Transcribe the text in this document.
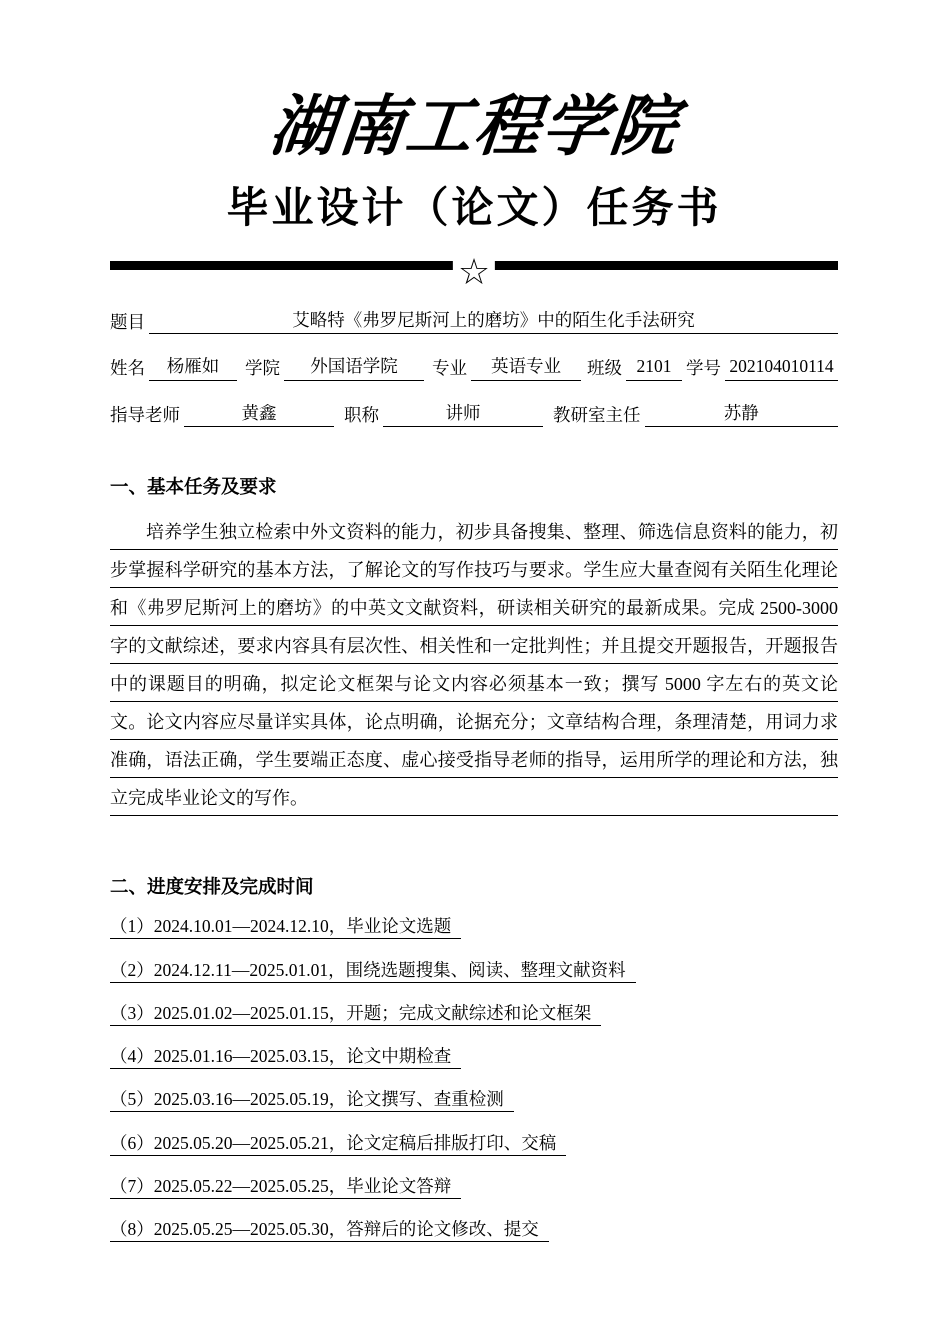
湖南工程学院
毕业设计（论文）任务书
☆
题目	艾略特《弗罗尼斯河上的磨坊》中的陌生化手法研究
姓名	杨雁如	学院	外国语学院	专业	英语专业	班级 2101 学号 202104010114
指导老师	黄鑫	职称	讲师	教研室主任	苏静
一、基本任务及要求
培养学生独立检索中外文资料的能力，初步具备搜集、整理、筛选信息资料的能力，初步掌握科学研究的基本方法，了解论文的写作技巧与要求。学生应大量查阅有关陌生化理论和《弗罗尼斯河上的磨坊》的中英文文献资料，研读相关研究的最新成果。完成 2500-3000 字的文献综述，要求内容具有层次性、相关性和一定批判性；并且提交开题报告，开题报告中的课题目的明确，拟定论文框架与论文内容必须基本一致；撰写 5000 字左右的英文论文。论文内容应尽量详实具体，论点明确，论据充分；文章结构合理，条理清楚，用词力求准确，语法正确，学生要端正态度、虚心接受指导老师的指导，运用所学的理论和方法，独立完成毕业论文的写作。
二、进度安排及完成时间
（1）2024.10.01—2024.12.10，毕业论文选题
（2）2024.12.11—2025.01.01，围绕选题搜集、阅读、整理文献资料
（3）2025.01.02—2025.01.15，开题；完成文献综述和论文框架
（4）2025.01.16—2025.03.15，论文中期检查
（5）2025.03.16—2025.05.19，论文撰写、查重检测
（6）2025.05.20—2025.05.21，论文定稿后排版打印、交稿
（7）2025.05.22—2025.05.25，毕业论文答辩
（8）2025.05.25—2025.05.30，答辩后的论文修改、提交
